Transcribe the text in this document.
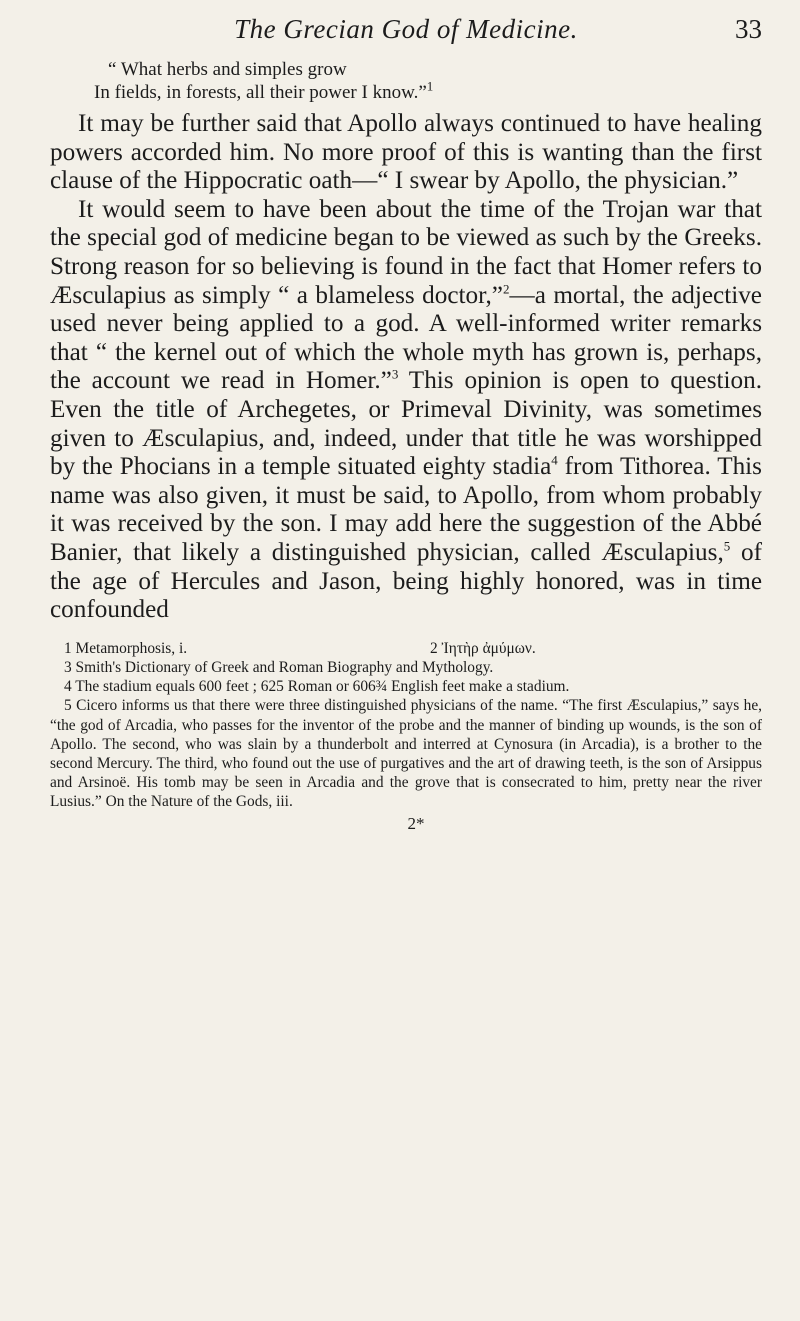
The Grecian God of Medicine.	33
“ What herbs and simples grow
In fields, in forests, all their power I know.”$^1$

It may be further said that Apollo always continued to have healing powers accorded him. No more proof of this is wanting than the first clause of the Hippocratic oath—“ I swear by Apollo, the physician.”

It would seem to have been about the time of the Trojan war that the special god of medicine began to be viewed as such by the Greeks. Strong reason for so believing is found in the fact that Homer refers to Æsculapius as simply “ a blameless doctor,”$^2$—a mortal, the adjective used never being applied to a god. A well-informed writer remarks that “ the kernel out of which the whole myth has grown is, perhaps, the account we read in Homer.”$^3$ This opinion is open to question. Even the title of Archegetes, or Primeval Divinity, was sometimes given to Æsculapius, and, indeed, under that title he was worshipped by the Phocians in a temple situated eighty stadia$^4$ from Tithorea. This name was also given, it must be said, to Apollo, from whom probably it was received by the son. I may add here the suggestion of the Abbé Banier, that likely a distinguished physician, called Æsculapius,$^5$ of the age of Hercules and Jason, being highly honored, was in time confounded

1 Metamorphosis, i.	2 Ἰητὴρ ἀμύμων.

3 Smith's Dictionary of Greek and Roman Biography and Mythology.

4 The stadium equals 600 feet ; 625 Roman or 606¾ English feet make a stadium.

5 Cicero informs us that there were three distinguished physicians of the name. “The first Æsculapius,” says he, “the god of Arcadia, who passes for the inventor of the probe and the manner of binding up wounds, is the son of Apollo. The second, who was slain by a thunderbolt and interred at Cynosura (in Arcadia), is a brother to the second Mercury. The third, who found out the use of purgatives and the art of drawing teeth, is the son of Arsippus and Arsinoë. His tomb may be seen in Arcadia and the grove that is consecrated to him, pretty near the river Lusius.” On the Nature of the Gods, iii.

2*
